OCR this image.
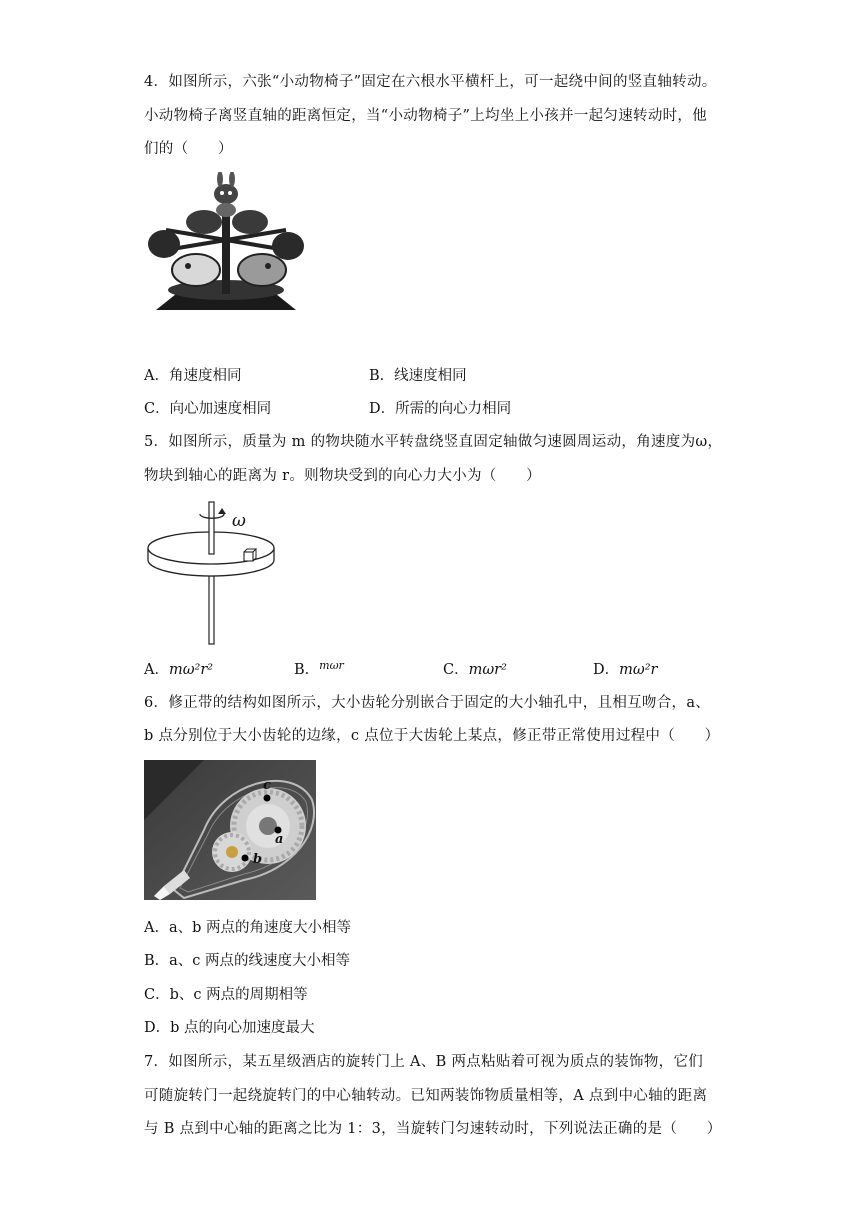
4．如图所示，六张“小动物椅子”固定在六根水平横杆上，可一起绕中间的竖直轴转动。
小动物椅子离竖直轴的距离恒定，当“小动物椅子”上均坐上小孩并一起匀速转动时，他
们的（　　）
A．角速度相同	B．线速度相同
C．向心加速度相同	D．所需的向心力相同
5．如图所示，质量为 m 的物块随水平转盘绕竖直固定轴做匀速圆周运动，角速度为ω，
物块到轴心的距离为 r。则物块受到的向心力大小为（　　）
ω
A．mω²r²	B．$^{m\omega r}$	C．mωr²	D．mω²r
6．修正带的结构如图所示，大小齿轮分别嵌合于固定的大小轴孔中，且相互吻合，a、
b 点分别位于大小齿轮的边缘，c 点位于大齿轮上某点，修正带正常使用过程中（　　）
c
a
b
A．a、b 两点的角速度大小相等
B．a、c 两点的线速度大小相等
C．b、c 两点的周期相等
D．b 点的向心加速度最大
7．如图所示，某五星级酒店的旋转门上 A、B 两点粘贴着可视为质点的装饰物，它们
可随旋转门一起绕旋转门的中心轴转动。已知两装饰物质量相等，A 点到中心轴的距离
与 B 点到中心轴的距离之比为 1：3，当旋转门匀速转动时，下列说法正确的是（　　）
